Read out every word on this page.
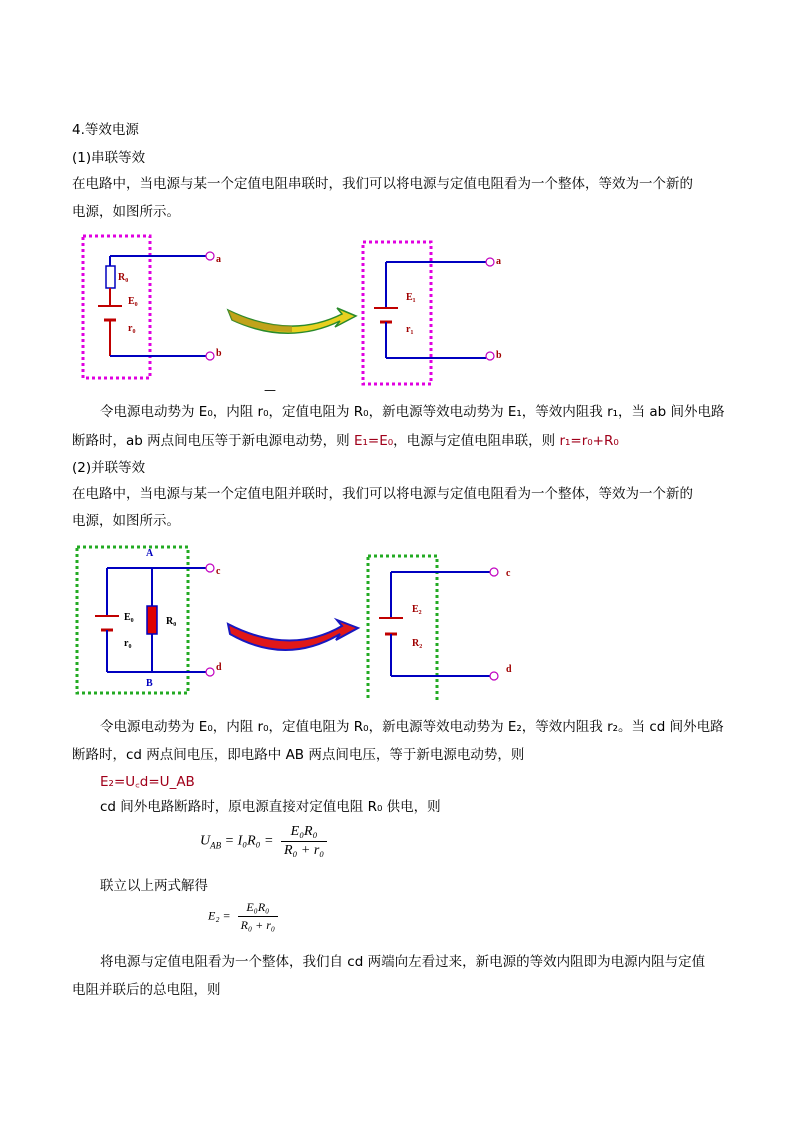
4.等效电源
(1)串联等效
在电路中，当电源与某一个定值电阻串联时，我们可以将电源与定值电阻看为一个整体，等效为一个新的
电源，如图所示。
R₀
E₀
r₀
a
b
—
E₁
r₁
a
b
令电源电动势为 E₀，内阻 r₀，定值电阻为 R₀，新电源等效电动势为 E₁，等效内阻我 r₁，当 ab 间外电路
断路时，ab 两点间电压等于新电源电动势，则 E₁=E₀，电源与定值电阻串联，则 r₁=r₀+R₀
(2)并联等效
在电路中，当电源与某一个定值电阻并联时，我们可以将电源与定值电阻看为一个整体，等效为一个新的
电源，如图所示。
A
B
E₀
r₀
R₀
c
d
E₂
R₂
c
d
令电源电动势为 E₀，内阻 r₀，定值电阻为 R₀，新电源等效电动势为 E₂，等效内阻我 r₂。当 cd 间外电路
断路时，cd 两点间电压，即电路中 AB 两点间电压，等于新电源电动势，则
E₂=U꜀d=U_AB
cd 间外电路断路时，原电源直接对定值电阻 R₀ 供电，则
$U_{AB} = I_0R_0 = \frac{\text{E₀R₀}}{\text{R₀ + r₀}}$
联立以上两式解得
$E_2 = \frac{\text{E₀R₀}}{\text{R₀ + r₀}}$
将电源与定值电阻看为一个整体，我们自 cd 两端向左看过来，新电源的等效内阻即为电源内阻与定值
电阻并联后的总电阻，则
